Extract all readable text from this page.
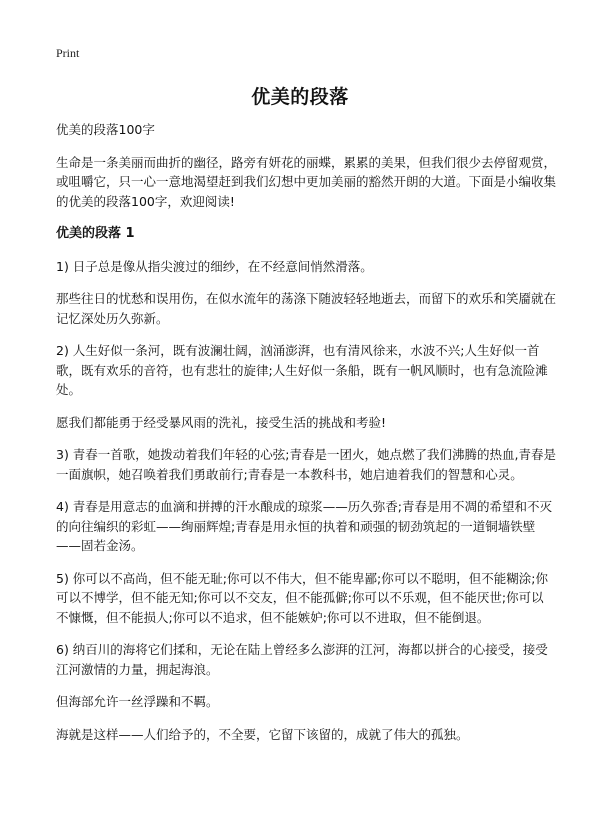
Print
优美的段落

优美的段落100字

生命是一条美丽而曲折的幽径，路旁有妍花的丽蝶，累累的美果，但我们很少去停留观赏，或咀嚼它，只一心一意地渴望赶到我们幻想中更加美丽的豁然开朗的大道。下面是小编收集的优美的段落100字，欢迎阅读!

优美的段落 1

1) 日子总是像从指尖渡过的细纱，在不经意间悄然滑落。

那些往日的忧愁和误用伤，在似水流年的荡涤下随波轻轻地逝去，而留下的欢乐和笑靥就在记忆深处历久弥新。

2) 人生好似一条河，既有波澜壮阔，汹涌澎湃，也有清风徐来，水波不兴;人生好似一首歌，既有欢乐的音符，也有悲壮的旋律;人生好似一条船，既有一帆风顺时，也有急流险滩处。

愿我们都能勇于经受暴风雨的洗礼，接受生活的挑战和考验!

3) 青春一首歌，她拨动着我们年轻的心弦;青春是一团火，她点燃了我们沸腾的热血,青春是一面旗帜，她召唤着我们勇敢前行;青春是一本教科书，她启迪着我们的智慧和心灵。

4) 青春是用意志的血滴和拼搏的汗水酿成的琼浆——历久弥香;青春是用不凋的希望和不灭的向往编织的彩虹——绚丽辉煌;青春是用永恒的执着和顽强的韧劲筑起的一道铜墙铁壁——固若金汤。

5) 你可以不高尚，但不能无耻;你可以不伟大，但不能卑鄙;你可以不聪明，但不能糊涂;你可以不博学，但不能无知;你可以不交友，但不能孤僻;你可以不乐观，但不能厌世;你可以不慷慨，但不能损人;你可以不追求，但不能嫉妒;你可以不进取，但不能倒退。

6) 纳百川的海将它们揉和，无论在陆上曾经多么澎湃的江河，海都以拼合的心接受，接受江河激情的力量，拥起海浪。

但海部允许一丝浮躁和不羁。

海就是这样——人们给予的，不全要，它留下该留的，成就了伟大的孤独。
